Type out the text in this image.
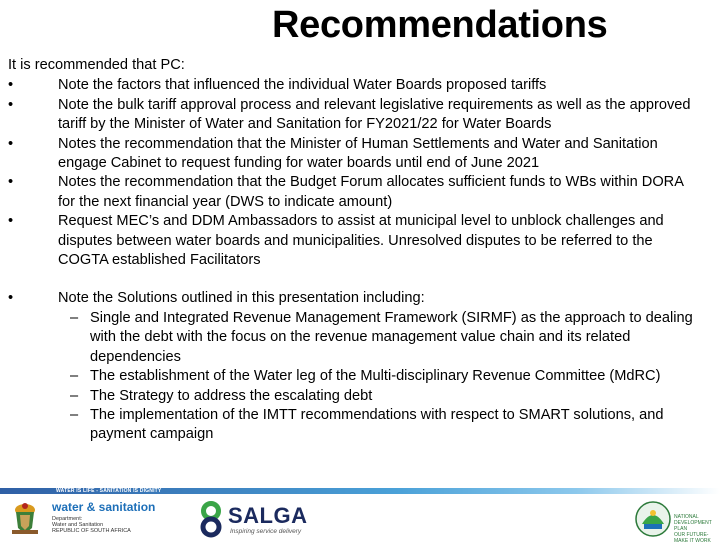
Recommendations
It is recommended that PC:
•	Note the factors that influenced the individual Water Boards proposed tariffs
•	Note the bulk tariff approval process and relevant legislative requirements as well as the approved tariff by the Minister of Water and Sanitation for FY2021/22 for Water Boards
•	Notes the recommendation that the Minister of Human Settlements and Water and Sanitation engage Cabinet to request funding for water boards until end of June 2021
•	Notes the recommendation that the Budget Forum allocates sufficient funds to WBs within DORA for the next financial year (DWS to indicate amount)
•	Request MEC’s and DDM Ambassadors to assist at municipal level to unblock challenges and disputes between water boards and municipalities. Unresolved disputes to be referred to the COGTA established Facilitators
•	Note the Solutions outlined in this presentation including:
– Single and Integrated Revenue Management Framework (SIRMF) as the approach to dealing with the debt with the focus on the revenue management value chain and its related dependencies
– The establishment of the Water leg of the Multi-disciplinary Revenue Committee (MdRC)
– The Strategy to address the escalating debt
– The implementation of the IMTT recommendations with respect to SMART solutions, and payment campaign
WATER IS LIFE - SANITATION IS DIGNITY
water & sanitation
Department:
Water and Sanitation
REPUBLIC OF SOUTH AFRICA
SALGA
Inspiring service delivery
NATIONAL DEVELOPMENT PLAN
OUR FUTURE-MAKE IT WORK
